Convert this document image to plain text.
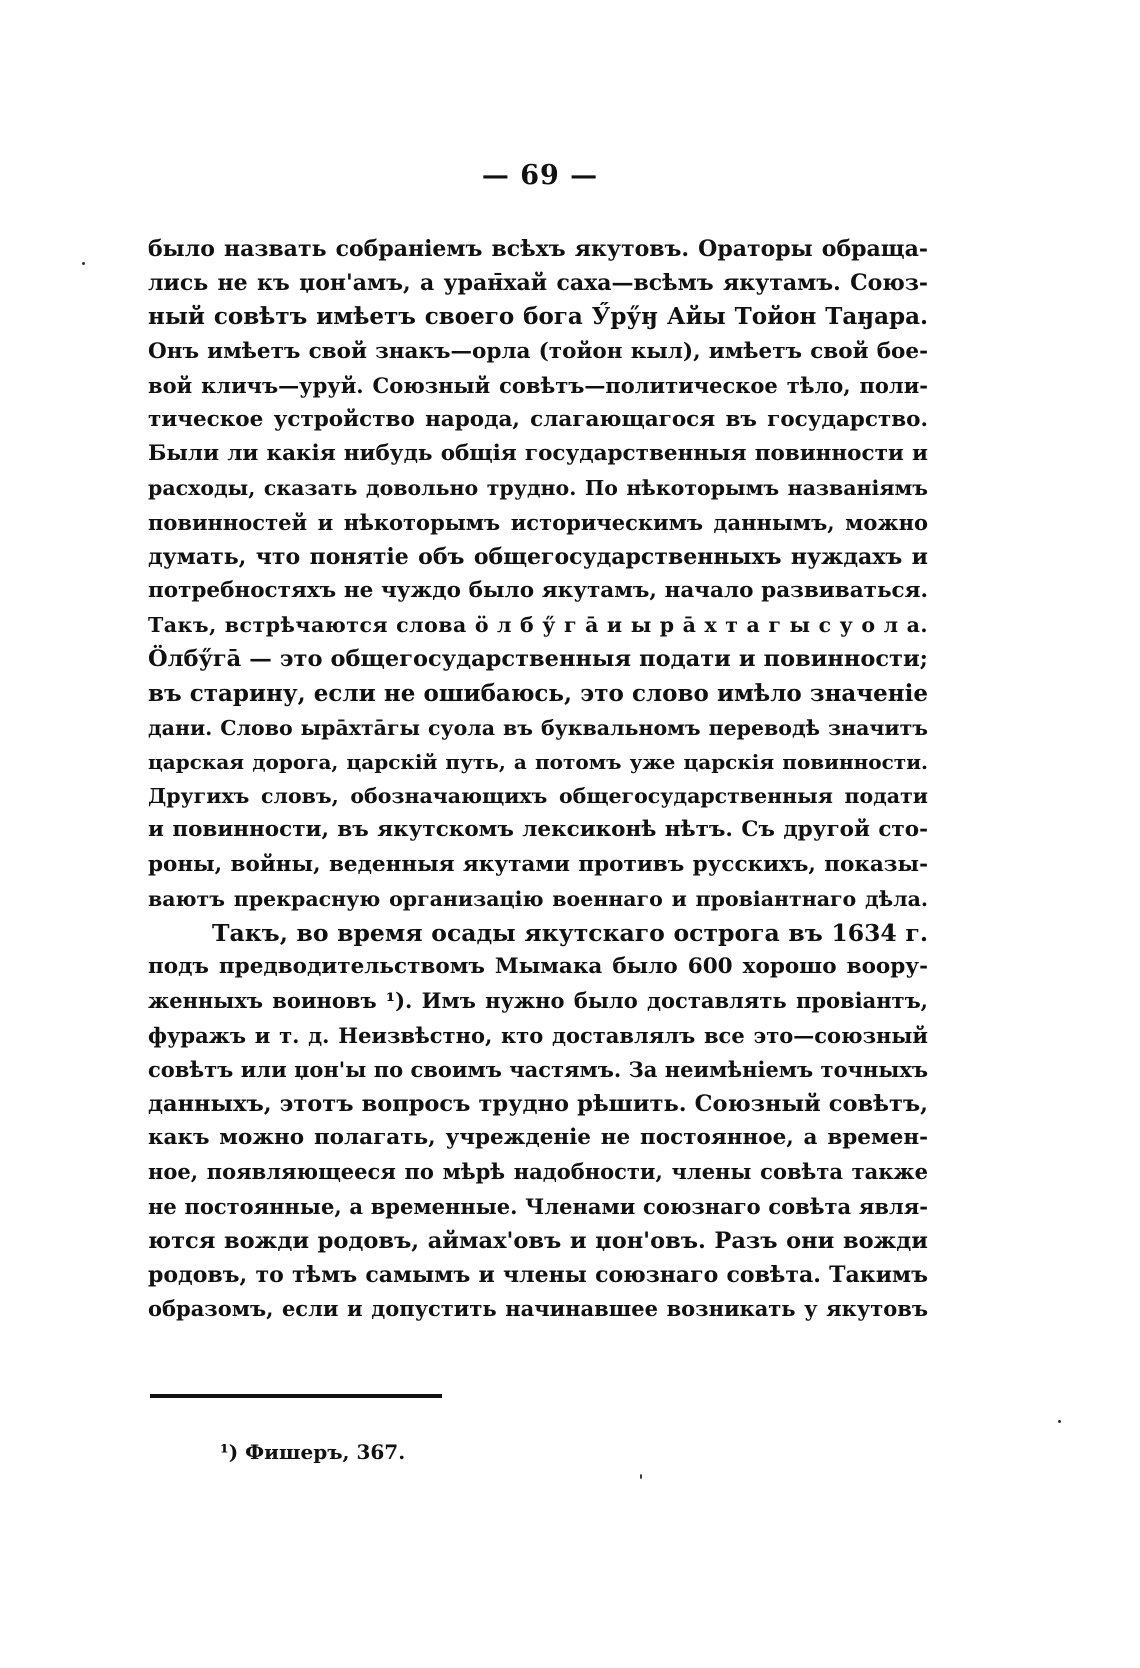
— 69 —
было назвать собраніемъ всѣхъ якутовъ. Ораторы обраща-
лись не къ џон'амъ, а уран̄хай саха—всѣмъ якутамъ. Союз-
ный совѣтъ имѣетъ своего бога Ӳрӳӈ Айы Тойон Таӈара.
Онъ имѣетъ свой знакъ—орла (тойон кыл), имѣетъ свой бое-
вой кличъ—уруй. Союзный совѣтъ—политическое тѣло, поли-
тическое устройство народа, слагающагося въ государство.
Были ли какія нибудь общія государственныя повинности и
расходы, сказать довольно трудно. По нѣкоторымъ названіямъ
повинностей и нѣкоторымъ историческимъ даннымъ, можно
думать, что понятіе объ общегосударственныхъ нуждахъ и
потребностяхъ не чуждо было якутамъ, начало развиваться.
Такъ, встрѣчаются слова ӧ л б ӳ г ā и ы р ā х т а г ы с у о л а.
Ӧлбӳгā — это общегосударственныя подати и повинности;
въ старину, если не ошибаюсь, это слово имѣло значеніе
дани. Слово ырāхтāгы суола въ буквальномъ переводѣ значитъ
царская дорога, царскій путь, а потомъ уже царскія повинности.
Другихъ словъ, обозначающихъ общегосударственныя подати
и повинности, въ якутскомъ лексиконѣ нѣтъ. Съ другой сто-
роны, войны, веденныя якутами противъ русскихъ, показы-
ваютъ прекрасную организацію военнаго и провіантнаго дѣла.
Такъ, во время осады якутскаго острога въ 1634 г.
подъ предводительствомъ Мымака было 600 хорошо воору-
женныхъ воиновъ ¹). Имъ нужно было доставлять провіантъ,
фуражъ и т. д. Неизвѣстно, кто доставлялъ все это—союзный
совѣтъ или џон'ы по своимъ частямъ. За неимѣніемъ точныхъ
данныхъ, этотъ вопросъ трудно рѣшить. Союзный совѣтъ,
какъ можно полагать, учрежденіе не постоянное, а времен-
ное, появляющееся по мѣрѣ надобности, члены совѣта также
не постоянные, а временные. Членами союзнаго совѣта явля-
ются вожди родовъ, аймах'овъ и џон'овъ. Разъ они вожди
родовъ, то тѣмъ самымъ и члены союзнаго совѣта. Такимъ
образомъ, если и допустить начинавшее возникать у якутовъ
¹) Фишеръ, 367.
